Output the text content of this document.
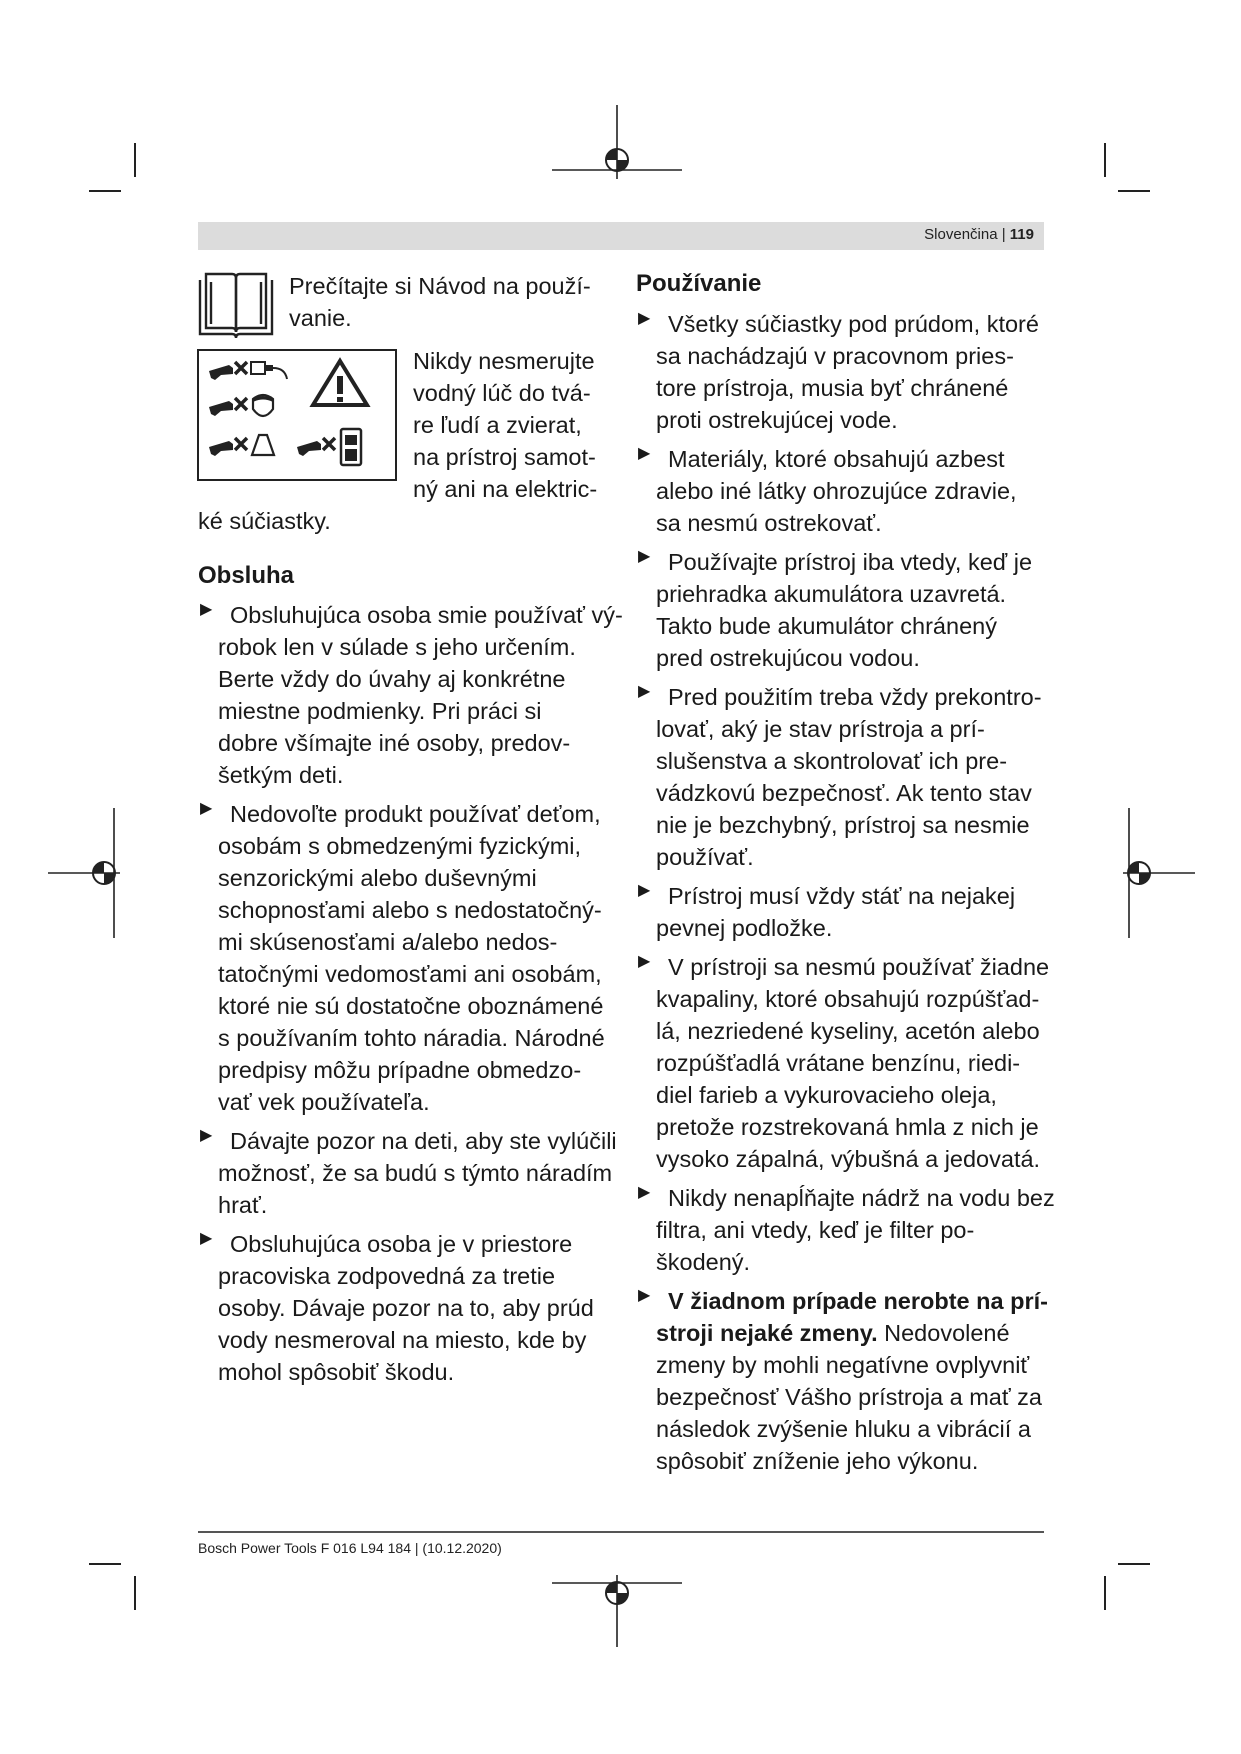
Slovenčina | 119
Prečítajte si Návod na použí-
vanie.
Nikdy nesmerujte
vodný lúč do tvá-
re ľudí a zvierat,
na prístroj samot-
ný ani na elektric-
ké súčiastky.
Obsluha
▶ Obsluhujúca osoba smie používať vý-
robok len v súlade s jeho určením.
Berte vždy do úvahy aj konkrétne
miestne podmienky. Pri práci si
dobre všímajte iné osoby, predov-
šetkým deti.
▶ Nedovoľte produkt používať deťom,
osobám s obmedzenými fyzickými,
senzorickými alebo duševnými
schopnosťami alebo s nedostatočný-
mi skúsenosťami a/alebo nedos-
tatočnými vedomosťami ani osobám,
ktoré nie sú dostatočne oboznámené
s používaním tohto náradia. Národné
predpisy môžu prípadne obmedzo-
vať vek používateľa.
▶ Dávajte pozor na deti, aby ste vylúčili
možnosť, že sa budú s týmto náradím
hrať.
▶ Obsluhujúca osoba je v priestore
pracoviska zodpovedná za tretie
osoby. Dávaje pozor na to, aby prúd
vody nesmeroval na miesto, kde by
mohol spôsobiť škodu.
Používanie
▶ Všetky súčiastky pod prúdom, ktoré
sa nachádzajú v pracovnom pries-
tore prístroja, musia byť chránené
proti ostrekujúcej vode.
▶ Materiály, ktoré obsahujú azbest
alebo iné látky ohrozujúce zdravie,
sa nesmú ostrekovať.
▶ Používajte prístroj iba vtedy, keď je
priehradka akumulátora uzavretá.
Takto bude akumulátor chránený
pred ostrekujúcou vodou.
▶ Pred použitím treba vždy prekontro-
lovať, aký je stav prístroja a prí-
slušenstva a skontrolovať ich pre-
vádzkovú bezpečnosť. Ak tento stav
nie je bezchybný, prístroj sa nesmie
používať.
▶ Prístroj musí vždy stáť na nejakej
pevnej podložke.
▶ V prístroji sa nesmú používať žiadne
kvapaliny, ktoré obsahujú rozpúšťad-
lá, nezriedené kyseliny, acetón alebo
rozpúšťadlá vrátane benzínu, riedi-
diel farieb a vykurovacieho oleja,
pretože rozstrekovaná hmla z nich je
vysoko zápalná, výbušná a jedovatá.
▶ Nikdy nenapĺňajte nádrž na vodu bez
filtra, ani vtedy, keď je filter po-
škodený.
▶ V žiadnom prípade nerobte na prí-
stroji nejaké zmeny. Nedovolené
zmeny by mohli negatívne ovplyvniť
bezpečnosť Vášho prístroja a mať za
následok zvýšenie hluku a vibrácií a
spôsobiť zníženie jeho výkonu.
Bosch Power Tools F 016 L94 184 | (10.12.2020)
